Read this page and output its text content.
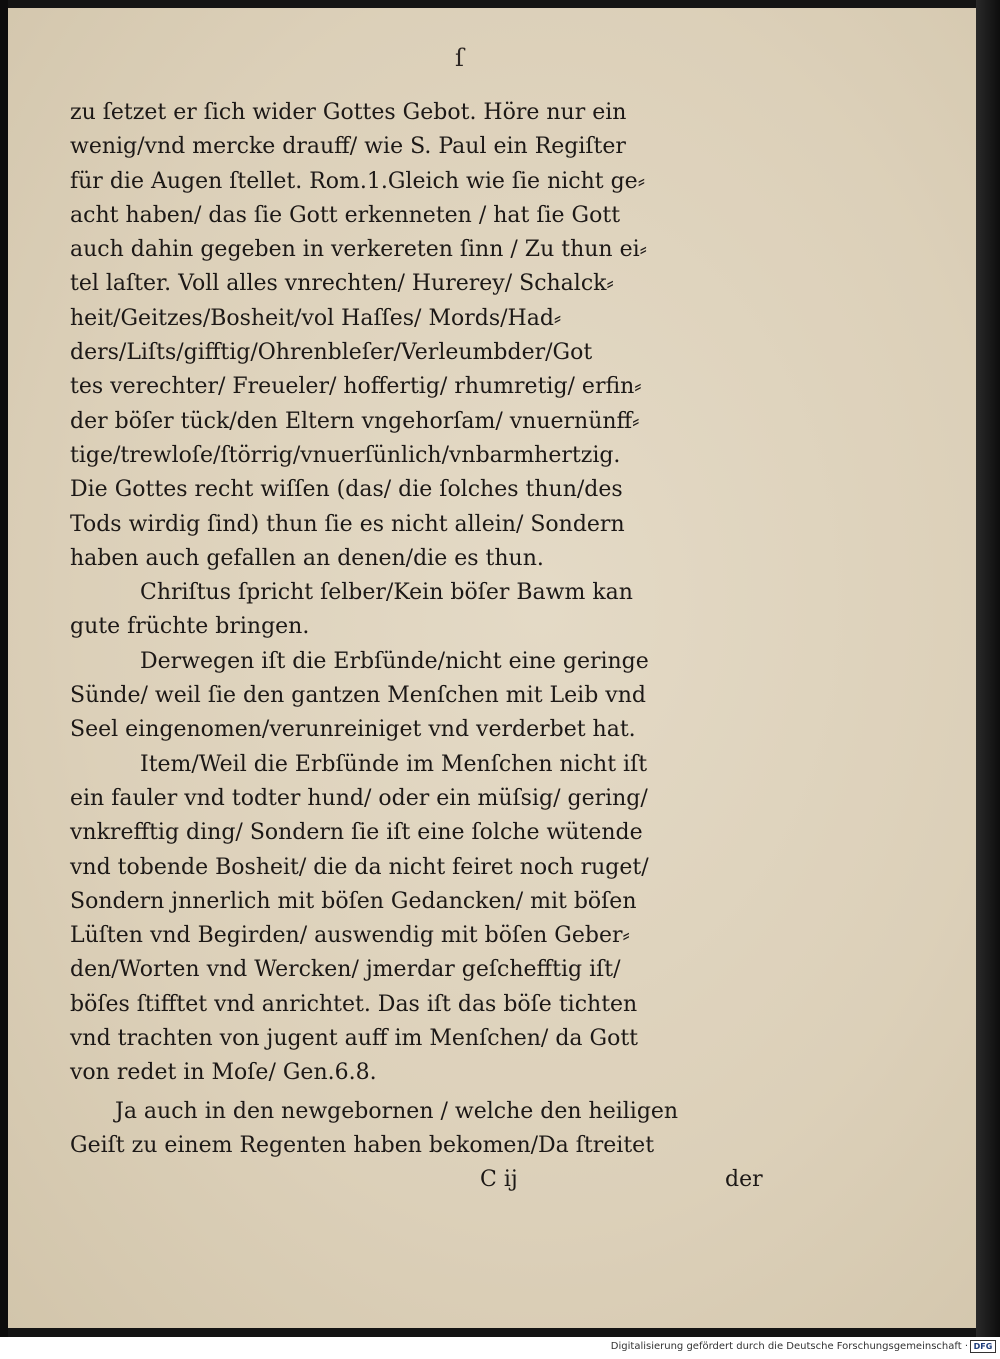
ſ
zu ſetzet er ſich wider Gottes Gebot. Höre nur ein
wenig/vnd mercke drauff/ wie S. Paul ein Regiſter
für die Augen ſtellet. Rom.1.Gleich wie ſie nicht ge⸗
acht haben/ das ſie Gott erkenneten / hat ſie Gott
auch dahin gegeben in verkereten ſinn / Zu thun ei⸗
tel laſter. Voll alles vnrechten/ Hurerey/ Schalck⸗
heit/Geitzes/Bosheit/vol Haſſes/ Mords/Had⸗
ders/Liſts/gifftig/Ohrenbleſer/Verleumbder/Got
tes verechter/ Freueler/ hoffertig/ rhumretig/ erfin⸗
der böſer tück/den Eltern vngehorſam/ vnuernünff⸗
tige/trewloſe/ſtörrig/vnuerſünlich/vnbarmhertzig.
Die Gottes recht wiſſen (das/ die ſolches thun/des
Tods wirdig ſind) thun ſie es nicht allein/ Sondern
haben auch gefallen an denen/die es thun.
Chriſtus ſpricht ſelber/Kein böſer Bawm kan
gute früchte bringen.
Derwegen iſt die Erbſünde/nicht eine geringe
Sünde/ weil ſie den gantzen Menſchen mit Leib vnd
Seel eingenomen/verunreiniget vnd verderbet hat.
Item/Weil die Erbſünde im Menſchen nicht iſt
ein fauler vnd todter hund/ oder ein müſsig/ gering/
vnkrefftig ding/ Sondern ſie iſt eine ſolche wütende
vnd tobende Bosheit/ die da nicht feiret noch ruget/
Sondern jnnerlich mit böſen Gedancken/ mit böſen
Lüſten vnd Begirden/ auswendig mit böſen Geber⸗
den/Worten vnd Wercken/ jmerdar geſchefftig iſt/
böſes ſtifftet vnd anrichtet. Das iſt das böſe tichten
vnd trachten von jugent auff im Menſchen/ da Gott
von redet in Moſe/ Gen.6.8.
Ja auch in den newgebornen / welche den heiligen
Geiſt zu einem Regenten haben bekomen/Da ſtreitet
C ij	der
Digitalisierung gefördert durch die Deutsche Forschungsgemeinschaft · DFG
